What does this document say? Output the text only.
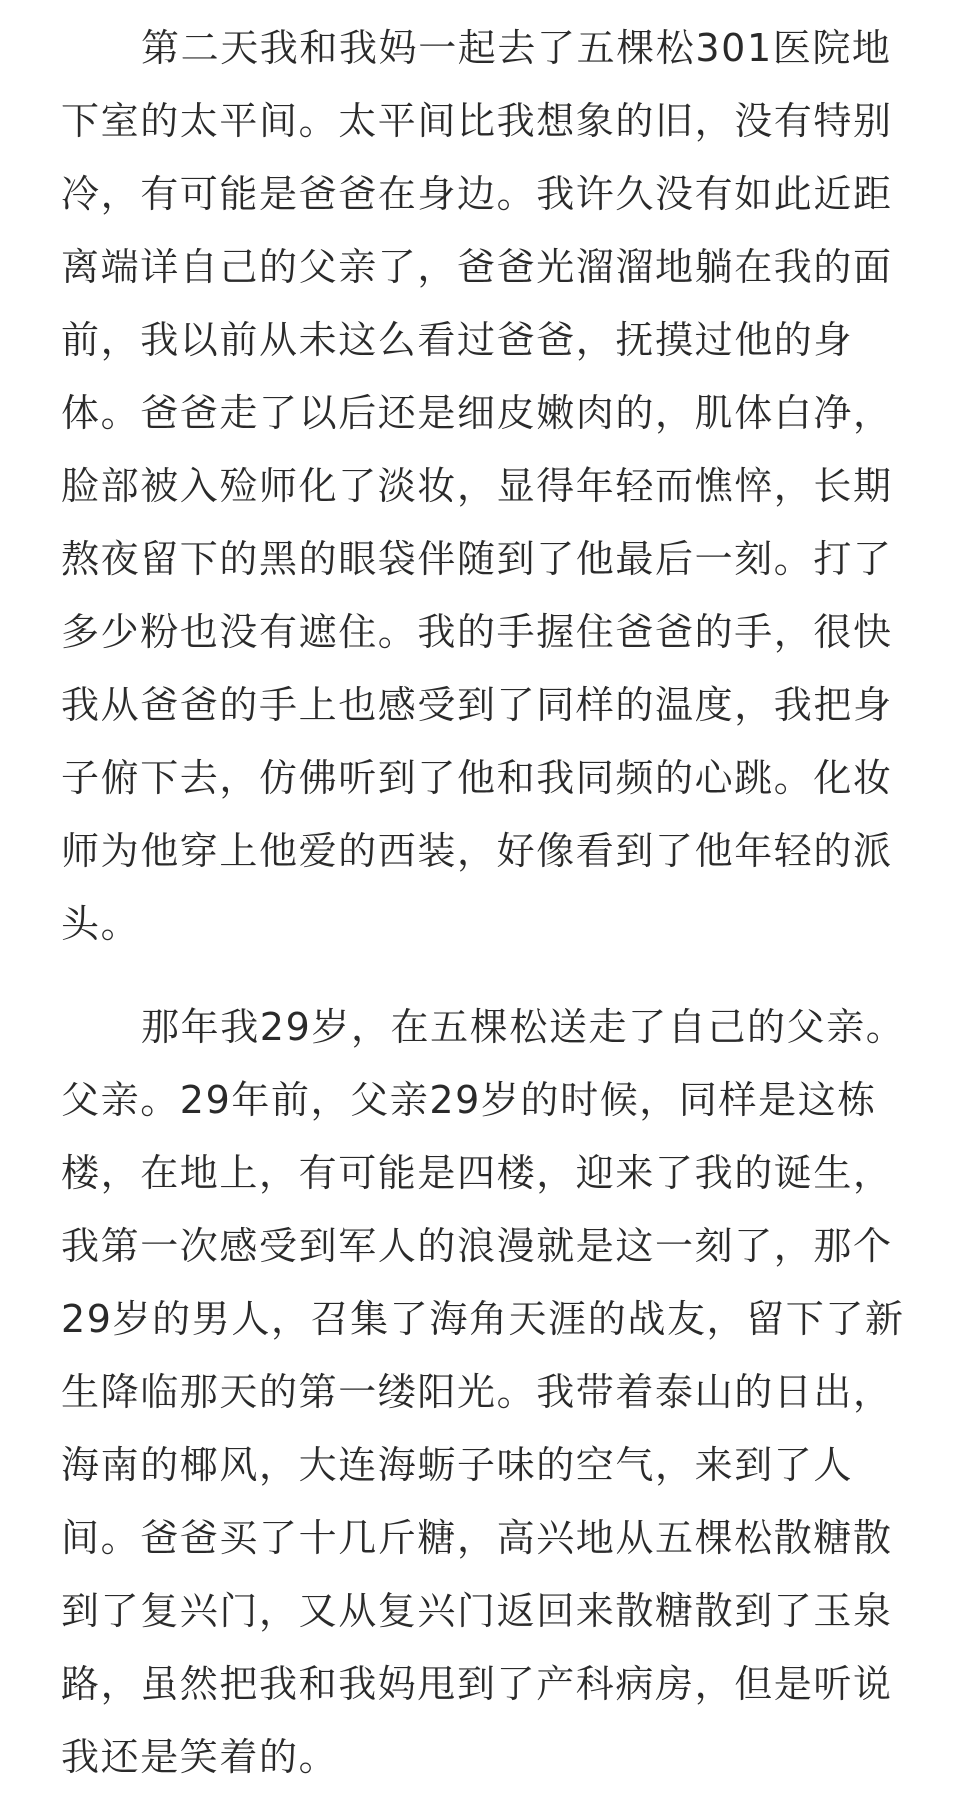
第二天我和我妈一起去了五棵松301医院地
下室的太平间。太平间比我想象的旧，没有特别
冷，有可能是爸爸在身边。我许久没有如此近距
离端详自己的父亲了，爸爸光溜溜地躺在我的面
前，我以前从未这么看过爸爸，抚摸过他的身
体。爸爸走了以后还是细皮嫩肉的，肌体白净，
脸部被入殓师化了淡妆，显得年轻而憔悴，长期
熬夜留下的黑的眼袋伴随到了他最后一刻。打了
多少粉也没有遮住。我的手握住爸爸的手，很快
我从爸爸的手上也感受到了同样的温度，我把身
子俯下去，仿佛听到了他和我同频的心跳。化妆
师为他穿上他爱的西装，好像看到了他年轻的派
头。
那年我29岁，在五棵松送走了自己的父亲。
父亲。29年前，父亲29岁的时候，同样是这栋
楼，在地上，有可能是四楼，迎来了我的诞生，
我第一次感受到军人的浪漫就是这一刻了，那个
29岁的男人，召集了海角天涯的战友，留下了新
生降临那天的第一缕阳光。我带着泰山的日出，
海南的椰风，大连海蛎子味的空气，来到了人
间。爸爸买了十几斤糖，高兴地从五棵松散糖散
到了复兴门，又从复兴门返回来散糖散到了玉泉
路，虽然把我和我妈甩到了产科病房，但是听说
我还是笑着的。
